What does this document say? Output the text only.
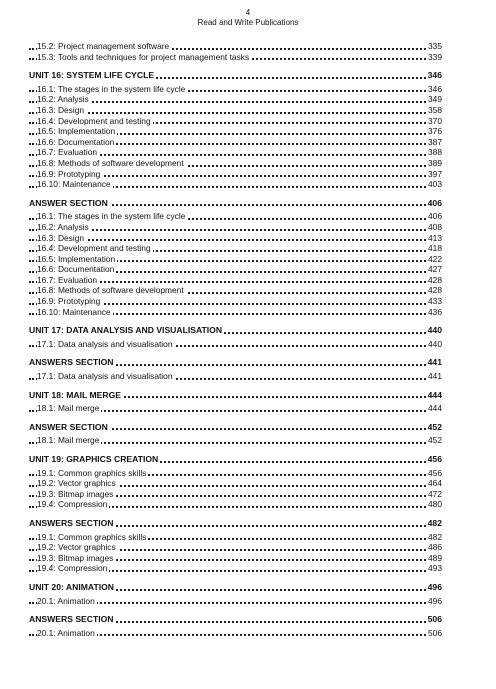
4
Read and Write Publications
15.2: Project management software	335
15.3: Tools and techniques for project management tasks	339
UNIT 16: SYSTEM LIFE CYCLE	346
16.1: The stages in the system life cycle	346
16.2: Analysis	349
16.3: Design	358
16.4: Development and testing	370
16.5: Implementation	376
16.6: Documentation	387
16.7: Evaluation	388
16.8: Methods of software development	389
16.9: Prototyping	397
16.10: Maintenance	403
ANSWER SECTION	406
16.1: The stages in the system life cycle	406
16.2: Analysis	408
16.3: Design	413
16.4: Development and testing	418
16.5: Implementation	422
16.6: Documentation	427
16.7: Evaluation	428
16.8: Methods of software development	428
16.9: Prototyping	433
16.10: Maintenance	436
UNIT 17: DATA ANALYSIS AND VISUALISATION	440
17.1: Data analysis and visualisation	440
ANSWERS SECTION	441
17.1: Data analysis and visualisation	441
UNIT 18: MAIL MERGE	444
18.1: Mail merge	444
ANSWER SECTION	452
18.1: Mail merge	452
UNIT 19: GRAPHICS CREATION	456
19.1: Common graphics skills	456
19.2: Vector graphics	464
19.3: Bitmap images	472
19.4: Compression	480
ANSWERS SECTION	482
19.1: Common graphics skills	482
19.2: Vector graphics	486
19.3: Bitmap images	489
19.4: Compression	493
UNIT 20: ANIMATION	496
20.1: Animation	496
ANSWERS SECTION	506
20.1: Animation	506
